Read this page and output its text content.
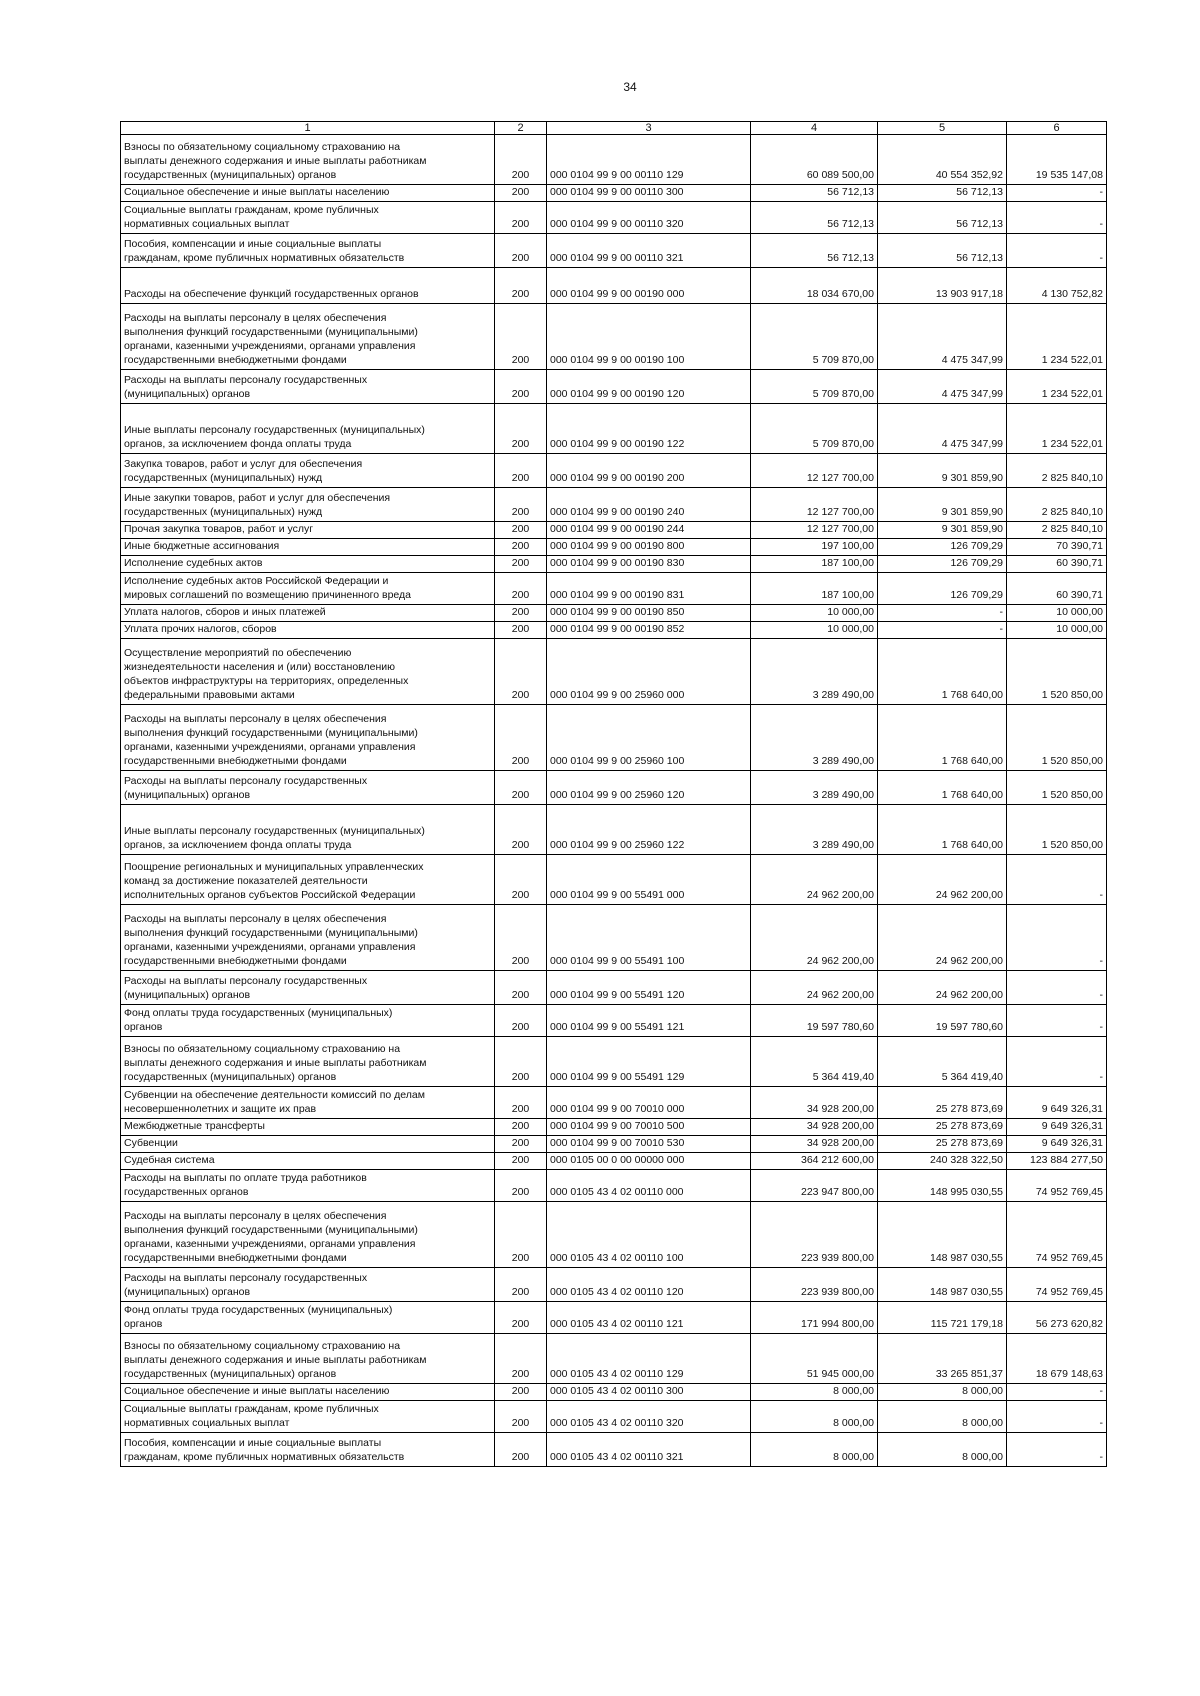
34
1	2	3	4	5	6
Взносы по обязательному социальному страхованию на
выплаты денежного содержания и иные выплаты работникам
государственных (муниципальных) органов	200	000 0104 99 9 00 00110 129	60 089 500,00	40 554 352,92	19 535 147,08
Социальное обеспечение и иные выплаты населению	200	000 0104 99 9 00 00110 300	56 712,13	56 712,13	-
Социальные выплаты гражданам, кроме публичных
нормативных социальных выплат	200	000 0104 99 9 00 00110 320	56 712,13	56 712,13	-
Пособия, компенсации и иные социальные выплаты
гражданам, кроме публичных нормативных обязательств	200	000 0104 99 9 00 00110 321	56 712,13	56 712,13	-
Расходы на обеспечение функций государственных органов	200	000 0104 99 9 00 00190 000	18 034 670,00	13 903 917,18	4 130 752,82
Расходы на выплаты персоналу в целях обеспечения
выполнения функций государственными (муниципальными)
органами, казенными учреждениями, органами управления
государственными внебюджетными фондами	200	000 0104 99 9 00 00190 100	5 709 870,00	4 475 347,99	1 234 522,01
Расходы на выплаты персоналу государственных
(муниципальных) органов	200	000 0104 99 9 00 00190 120	5 709 870,00	4 475 347,99	1 234 522,01
Иные выплаты персоналу государственных (муниципальных)
органов, за исключением фонда оплаты труда	200	000 0104 99 9 00 00190 122	5 709 870,00	4 475 347,99	1 234 522,01
Закупка товаров, работ и услуг для обеспечения
государственных (муниципальных) нужд	200	000 0104 99 9 00 00190 200	12 127 700,00	9 301 859,90	2 825 840,10
Иные закупки товаров, работ и услуг для обеспечения
государственных (муниципальных) нужд	200	000 0104 99 9 00 00190 240	12 127 700,00	9 301 859,90	2 825 840,10
Прочая закупка товаров, работ и услуг	200	000 0104 99 9 00 00190 244	12 127 700,00	9 301 859,90	2 825 840,10
Иные бюджетные ассигнования	200	000 0104 99 9 00 00190 800	197 100,00	126 709,29	70 390,71
Исполнение судебных актов	200	000 0104 99 9 00 00190 830	187 100,00	126 709,29	60 390,71
Исполнение судебных актов Российской Федерации и
мировых соглашений по возмещению причиненного вреда	200	000 0104 99 9 00 00190 831	187 100,00	126 709,29	60 390,71
Уплата налогов, сборов и иных платежей	200	000 0104 99 9 00 00190 850	10 000,00	-	10 000,00
Уплата прочих налогов, сборов	200	000 0104 99 9 00 00190 852	10 000,00	-	10 000,00
Осуществление мероприятий по обеспечению
жизнедеятельности населения и (или) восстановлению
объектов инфраструктуры на территориях, определенных
федеральными правовыми актами	200	000 0104 99 9 00 25960 000	3 289 490,00	1 768 640,00	1 520 850,00
Расходы на выплаты персоналу в целях обеспечения
выполнения функций государственными (муниципальными)
органами, казенными учреждениями, органами управления
государственными внебюджетными фондами	200	000 0104 99 9 00 25960 100	3 289 490,00	1 768 640,00	1 520 850,00
Расходы на выплаты персоналу государственных
(муниципальных) органов	200	000 0104 99 9 00 25960 120	3 289 490,00	1 768 640,00	1 520 850,00
Иные выплаты персоналу государственных (муниципальных)
органов, за исключением фонда оплаты труда	200	000 0104 99 9 00 25960 122	3 289 490,00	1 768 640,00	1 520 850,00
Поощрение региональных и муниципальных управленческих
команд за достижение показателей деятельности
исполнительных органов субъектов Российской Федерации	200	000 0104 99 9 00 55491 000	24 962 200,00	24 962 200,00	-
Расходы на выплаты персоналу в целях обеспечения
выполнения функций государственными (муниципальными)
органами, казенными учреждениями, органами управления
государственными внебюджетными фондами	200	000 0104 99 9 00 55491 100	24 962 200,00	24 962 200,00	-
Расходы на выплаты персоналу государственных
(муниципальных) органов	200	000 0104 99 9 00 55491 120	24 962 200,00	24 962 200,00	-
Фонд оплаты труда государственных (муниципальных)
органов	200	000 0104 99 9 00 55491 121	19 597 780,60	19 597 780,60	-
Взносы по обязательному социальному страхованию на
выплаты денежного содержания и иные выплаты работникам
государственных (муниципальных) органов	200	000 0104 99 9 00 55491 129	5 364 419,40	5 364 419,40	-
Субвенции на обеспечение деятельности комиссий по делам
несовершеннолетних и защите их прав	200	000 0104 99 9 00 70010 000	34 928 200,00	25 278 873,69	9 649 326,31
Межбюджетные трансферты	200	000 0104 99 9 00 70010 500	34 928 200,00	25 278 873,69	9 649 326,31
Субвенции	200	000 0104 99 9 00 70010 530	34 928 200,00	25 278 873,69	9 649 326,31
Судебная система	200	000 0105 00 0 00 00000 000	364 212 600,00	240 328 322,50	123 884 277,50
Расходы на выплаты по оплате труда работников
государственных органов	200	000 0105 43 4 02 00110 000	223 947 800,00	148 995 030,55	74 952 769,45
Расходы на выплаты персоналу в целях обеспечения
выполнения функций государственными (муниципальными)
органами, казенными учреждениями, органами управления
государственными внебюджетными фондами	200	000 0105 43 4 02 00110 100	223 939 800,00	148 987 030,55	74 952 769,45
Расходы на выплаты персоналу государственных
(муниципальных) органов	200	000 0105 43 4 02 00110 120	223 939 800,00	148 987 030,55	74 952 769,45
Фонд оплаты труда государственных (муниципальных)
органов	200	000 0105 43 4 02 00110 121	171 994 800,00	115 721 179,18	56 273 620,82
Взносы по обязательному социальному страхованию на
выплаты денежного содержания и иные выплаты работникам
государственных (муниципальных) органов	200	000 0105 43 4 02 00110 129	51 945 000,00	33 265 851,37	18 679 148,63
Социальное обеспечение и иные выплаты населению	200	000 0105 43 4 02 00110 300	8 000,00	8 000,00	-
Социальные выплаты гражданам, кроме публичных
нормативных социальных выплат	200	000 0105 43 4 02 00110 320	8 000,00	8 000,00	-
Пособия, компенсации и иные социальные выплаты
гражданам, кроме публичных нормативных обязательств	200	000 0105 43 4 02 00110 321	8 000,00	8 000,00	-
